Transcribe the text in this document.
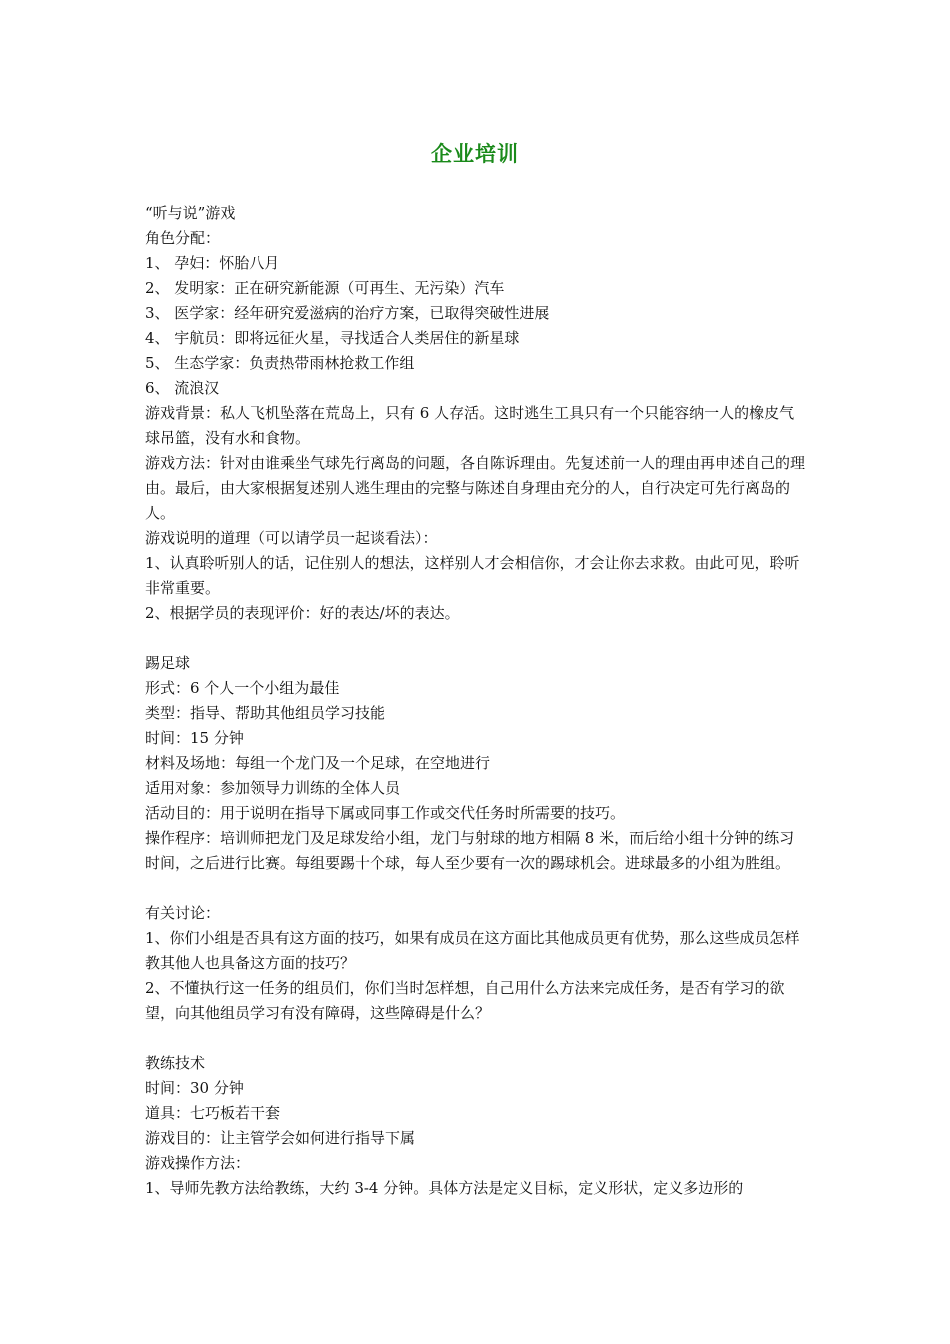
企业培训

“听与说”游戏

角色分配：

1、 孕妇：怀胎八月

2、 发明家：正在研究新能源（可再生、无污染）汽车

3、 医学家：经年研究爱滋病的治疗方案，已取得突破性进展

4、 宇航员：即将远征火星，寻找适合人类居住的新星球

5、 生态学家：负责热带雨林抢救工作组

6、 流浪汉

游戏背景：私人飞机坠落在荒岛上，只有 6 人存活。这时逃生工具只有一个只能容纳一人的橡皮气球吊篮，没有水和食物。

游戏方法：针对由谁乘坐气球先行离岛的问题，各自陈诉理由。先复述前一人的理由再申述自己的理由。最后，由大家根据复述别人逃生理由的完整与陈述自身理由充分的人，自行决定可先行离岛的人。

游戏说明的道理（可以请学员一起谈看法）：

1、认真聆听别人的话，记住别人的想法，这样别人才会相信你，才会让你去求救。由此可见，聆听非常重要。

2、根据学员的表现评价：好的表达/坏的表达。

踢足球

形式：6 个人一个小组为最佳

类型：指导、帮助其他组员学习技能

时间：15 分钟

材料及场地：每组一个龙门及一个足球，在空地进行

适用对象：参加领导力训练的全体人员

活动目的：用于说明在指导下属或同事工作或交代任务时所需要的技巧。

操作程序：培训师把龙门及足球发给小组，龙门与射球的地方相隔 8 米，而后给小组十分钟的练习时间，之后进行比赛。每组要踢十个球，每人至少要有一次的踢球机会。进球最多的小组为胜组。

有关讨论：

1、你们小组是否具有这方面的技巧，如果有成员在这方面比其他成员更有优势，那么这些成员怎样教其他人也具备这方面的技巧？

2、不懂执行这一任务的组员们，你们当时怎样想，自己用什么方法来完成任务，是否有学习的欲望，向其他组员学习有没有障碍，这些障碍是什么？

教练技术

时间：30 分钟

道具：七巧板若干套

游戏目的：让主管学会如何进行指导下属

游戏操作方法：

1、导师先教方法给教练，大约 3-4 分钟。具体方法是定义目标，定义形状，定义多边形的
